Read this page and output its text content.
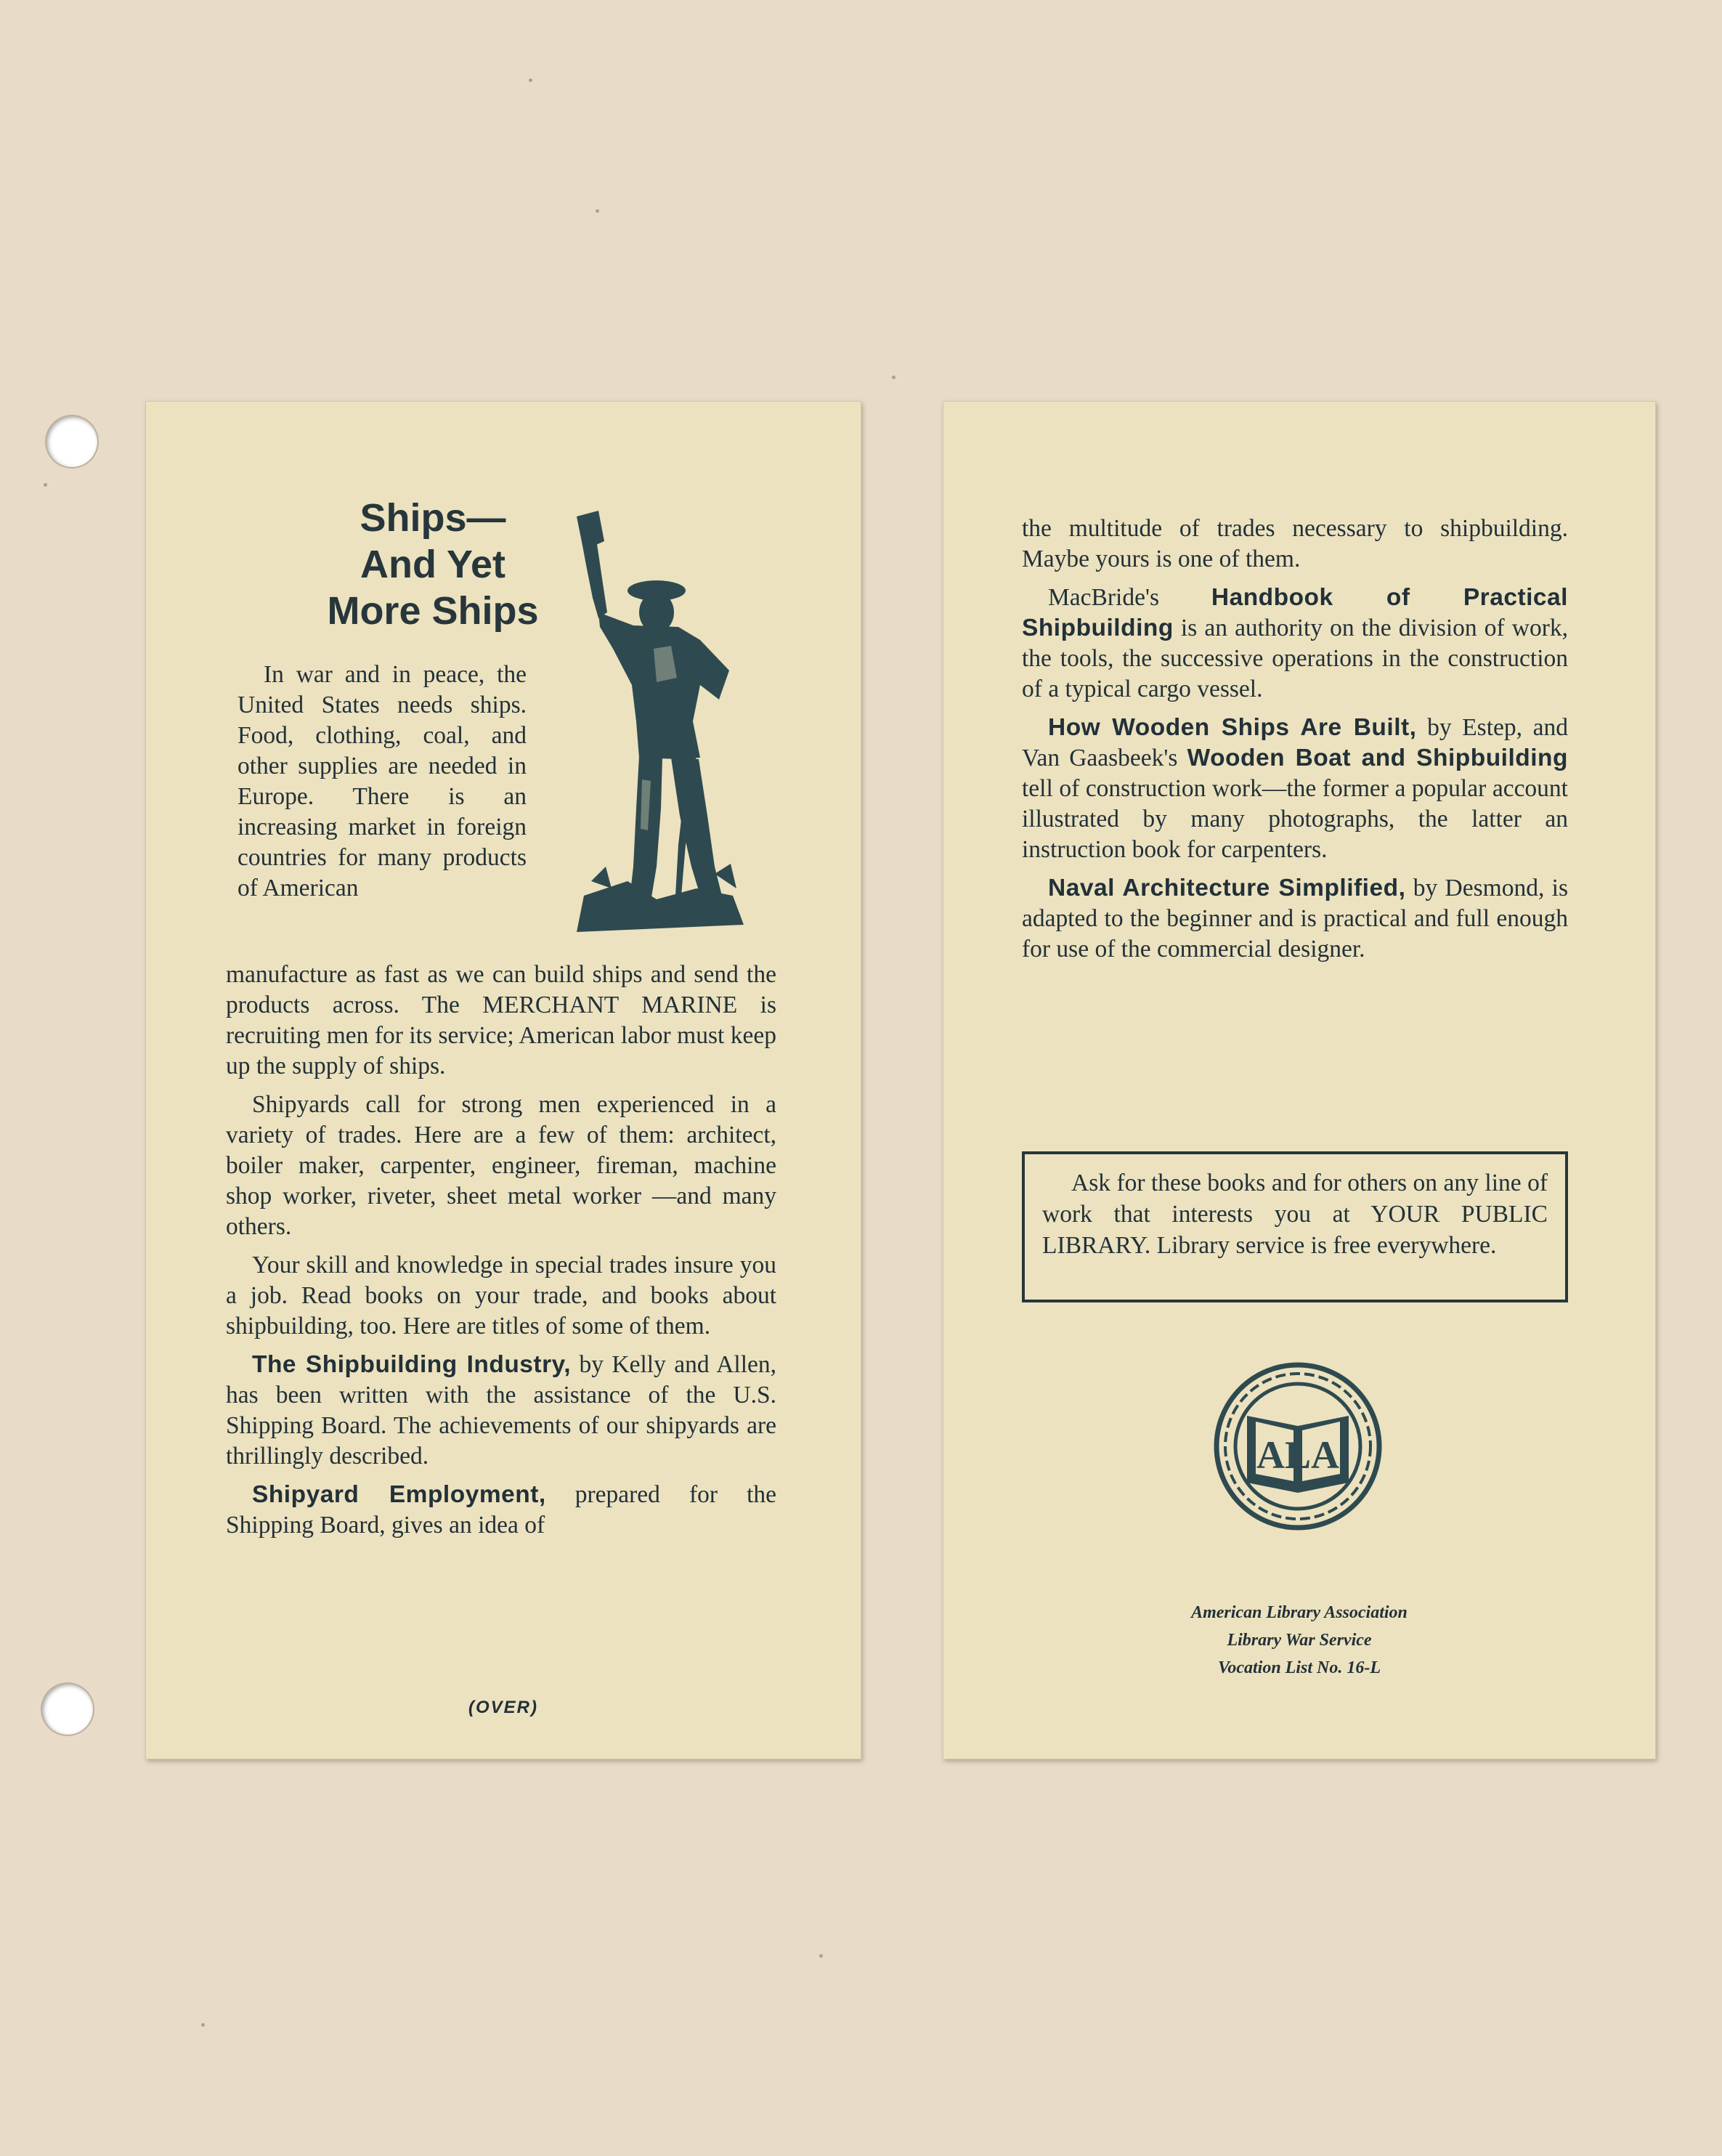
Ships— And Yet More Ships

In war and in peace, the United States needs ships. Food, clothing, coal, and other supplies are needed in Europe. There is an increasing market in foreign countries for many products of American

manufacture as fast as we can build ships and send the products across. The MERCHANT MARINE is recruiting men for its service; American labor must keep up the supply of ships.

Shipyards call for strong men experienced in a variety of trades. Here are a few of them: architect, boiler maker, carpenter, engineer, fireman, machine shop worker, riveter, sheet metal worker —and many others.

Your skill and knowledge in special trades insure you a job. Read books on your trade, and books about shipbuilding, too. Here are titles of some of them.

The Shipbuilding Industry, by Kelly and Allen, has been written with the assistance of the U.S. Shipping Board. The achievements of our shipyards are thrillingly described.

Shipyard Employment, prepared for the Shipping Board, gives an idea of

(OVER)

the multitude of trades necessary to shipbuilding. Maybe yours is one of them.

MacBride's Handbook of Practical Shipbuilding is an authority on the division of work, the tools, the successive operations in the construction of a typical cargo vessel.

How Wooden Ships Are Built, by Estep, and Van Gaasbeek's Wooden Boat and Shipbuilding tell of construction work—the former a popular account illustrated by many photographs, the latter an instruction book for carpenters.

Naval Architecture Simplified, by Desmond, is adapted to the beginner and is practical and full enough for use of the commercial designer.

Ask for these books and for others on any line of work that interests you at YOUR PUBLIC LIBRARY. Library service is free everywhere.

ALA
American Library Association
Library War Service
Vocation List No. 16-L
